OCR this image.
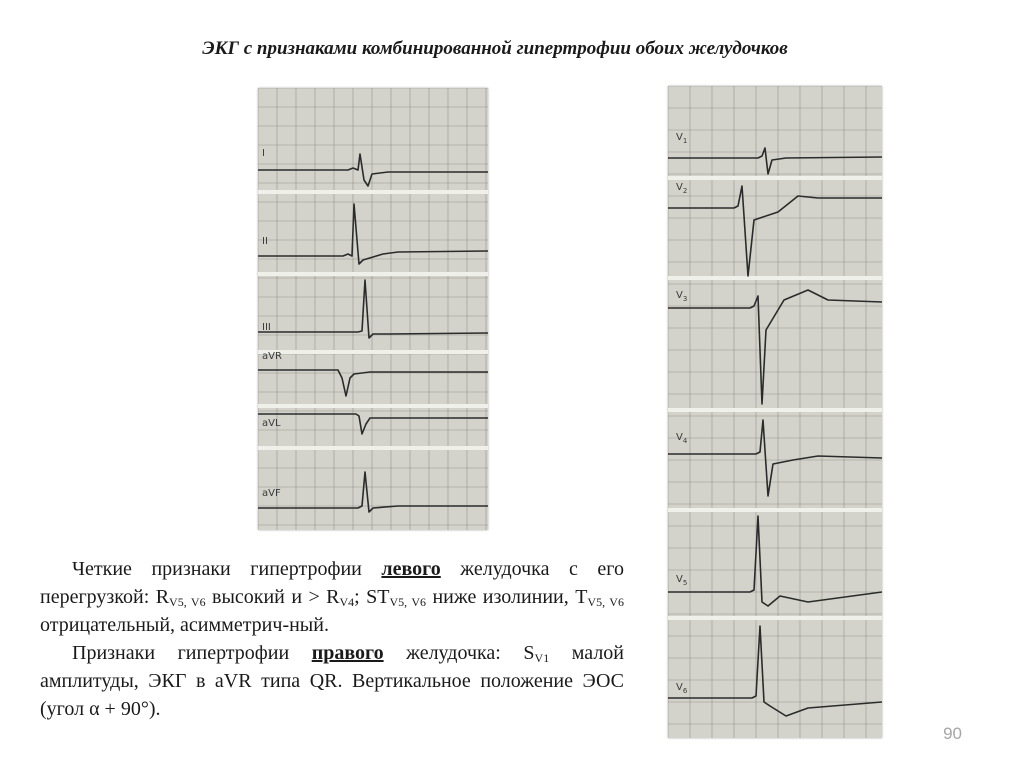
ЭКГ с признаками комбинированной гипертрофии обоих желудочков
I
II
III
aVR
aVL
aVF
$V_1$
$V_2$
$V_3$
$V_4$
$V_5$
$V_6$

Четкие признаки гипертрофии левого желудочка с его перегрузкой: $R_{V5, V6}$ высокий $и > R_{V4}$; $ST_{V5, V6}$ ниже изолинии, $T_{V5, V6}$ отрицательный, асимметрич-ный.

Признаки гипертрофии правого желудочка: $S_{V1}$ малой амплитуды, ЭКГ в aVR типа QR. Вертикальное положение ЭОС (угол α + 90°).

90
